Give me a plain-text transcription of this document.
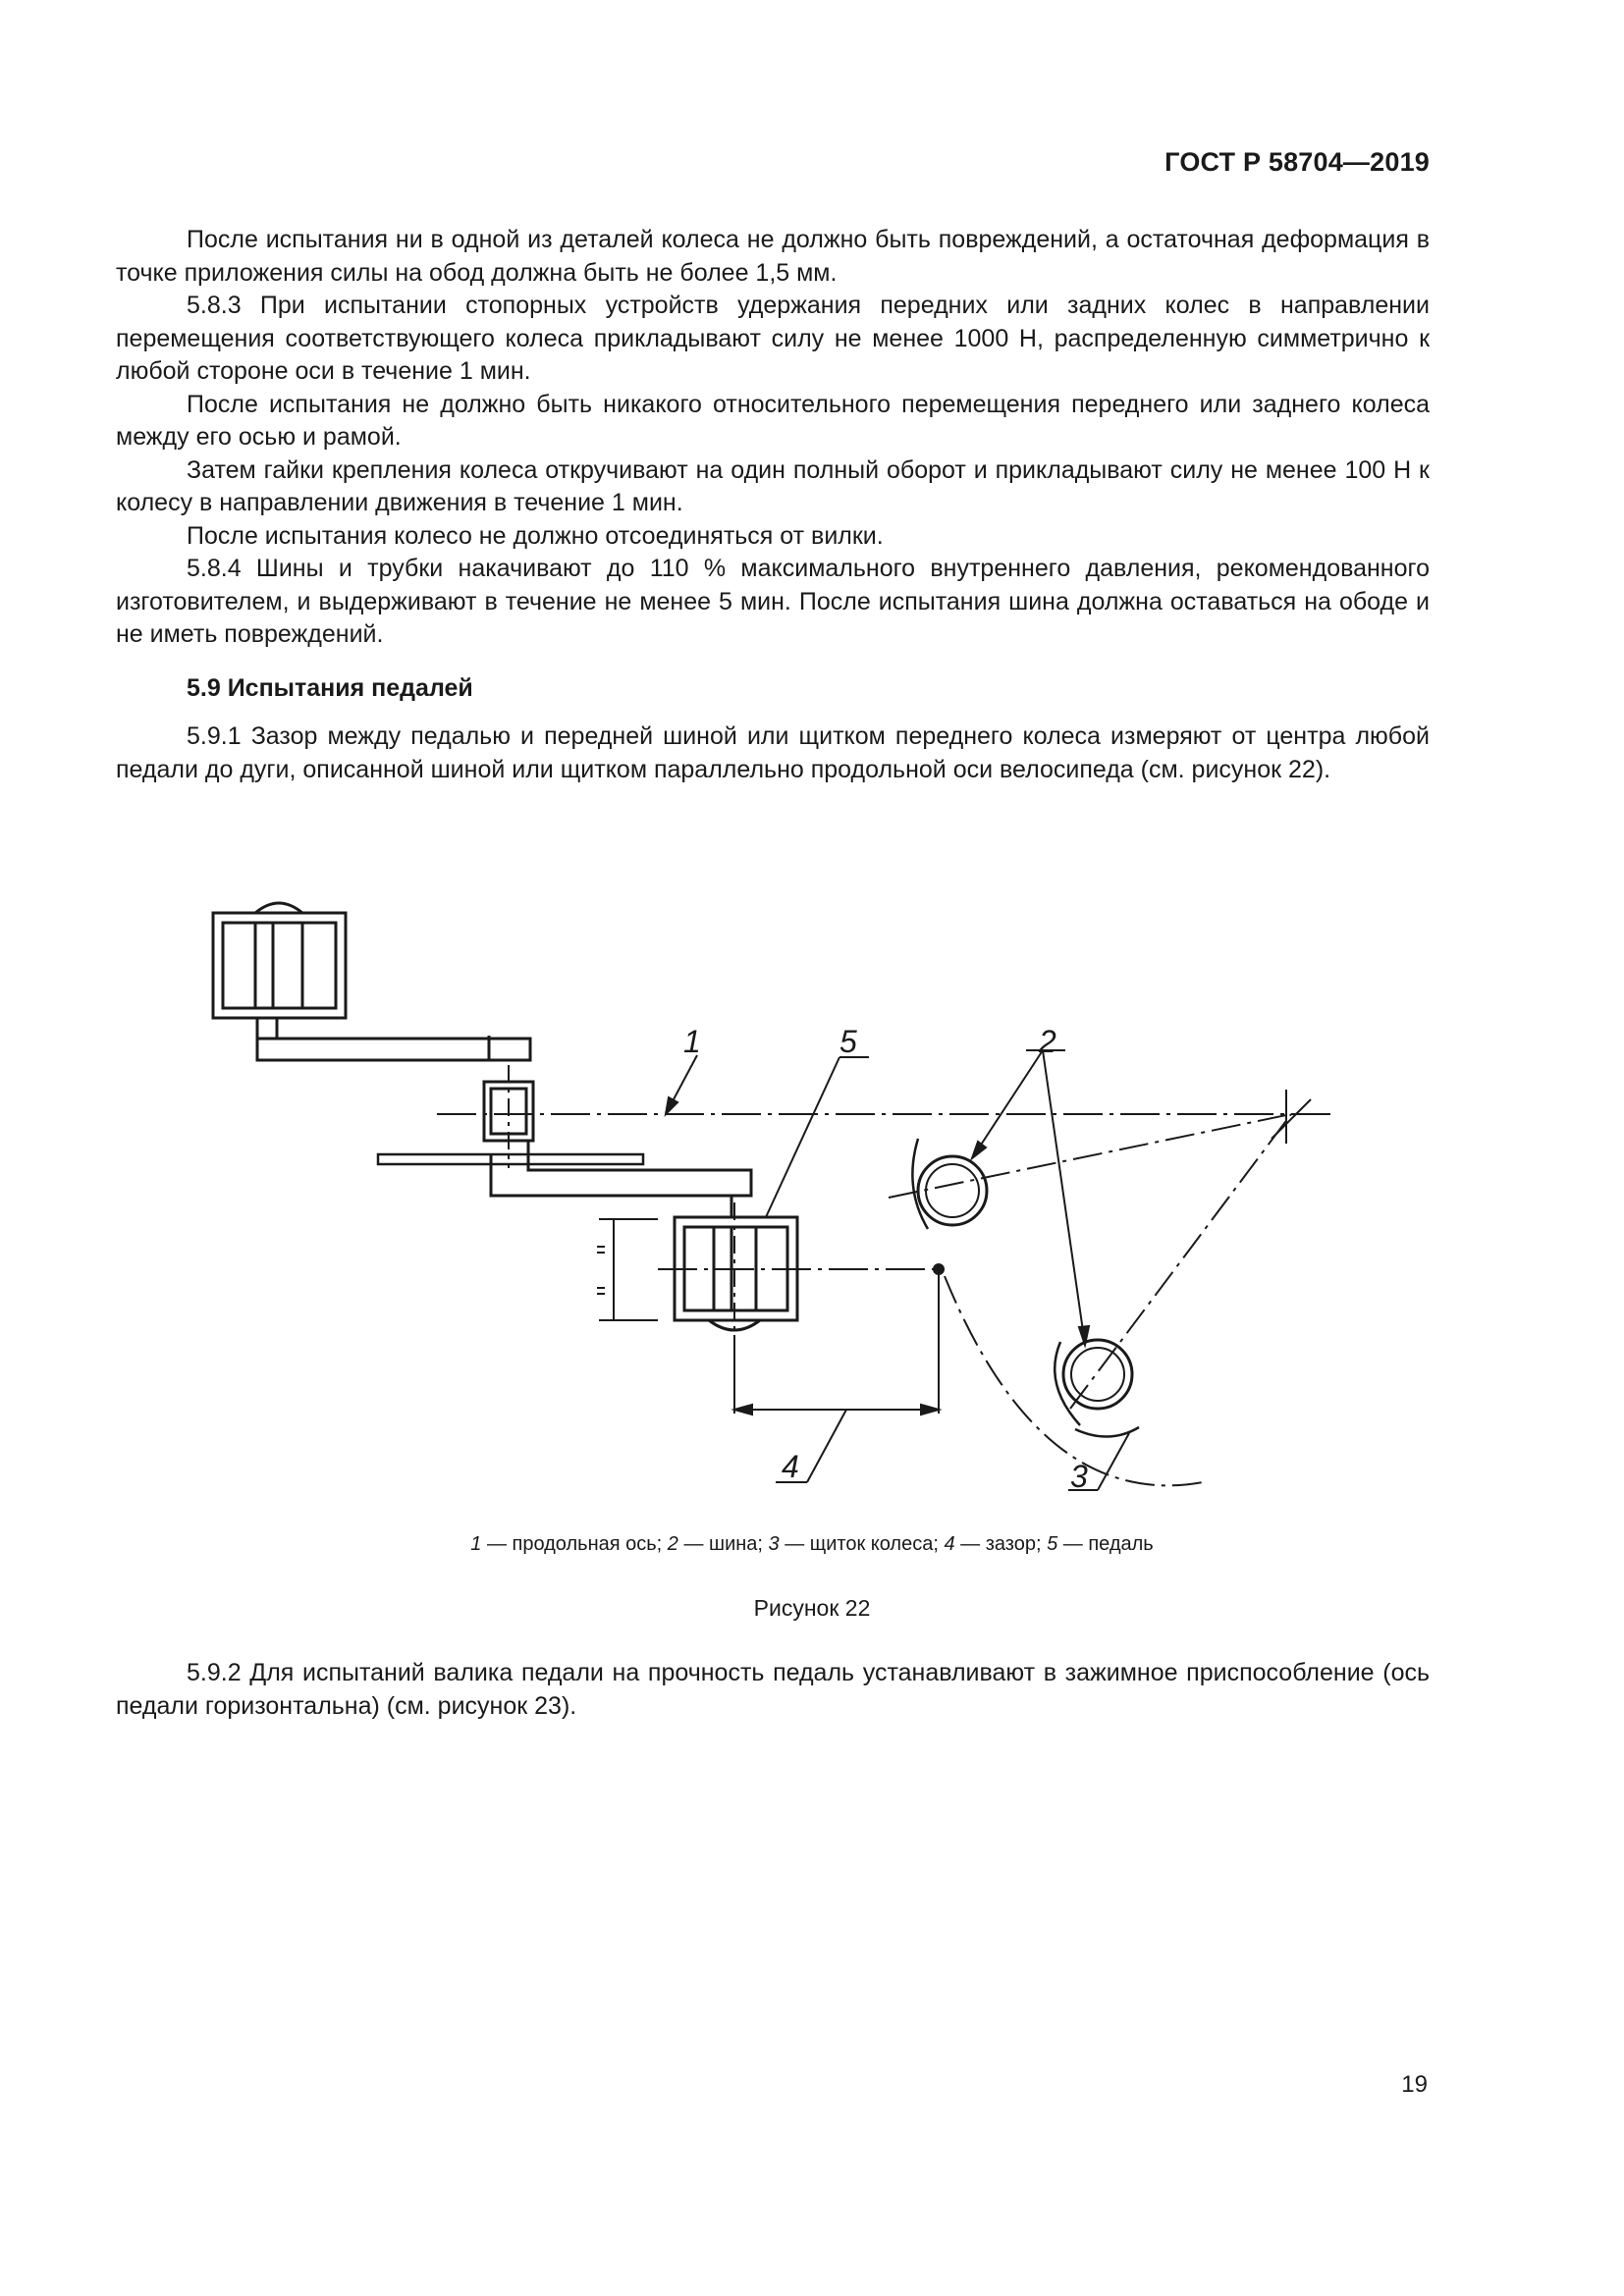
ГОСТ Р 58704—2019

После испытания ни в одной из деталей колеса не должно быть повреждений, а остаточная деформация в точке приложения силы на обод должна быть не более 1,5 мм.

5.8.3 При испытании стопорных устройств удержания передних или задних колес в направлении перемещения соответствующего колеса прикладывают силу не менее 1000 Н, распределенную симметрично к любой стороне оси в течение 1 мин.

После испытания не должно быть никакого относительного перемещения переднего или заднего колеса между его осью и рамой.

Затем гайки крепления колеса откручивают на один полный оборот и прикладывают силу не менее 100 Н к колесу в направлении движения в течение 1 мин.

После испытания колесо не должно отсоединяться от вилки.

5.8.4 Шины и трубки накачивают до 110 % максимального внутреннего давления, рекомендованного изготовителем, и выдерживают в течение не менее 5 мин. После испытания шина должна оставаться на ободе и не иметь повреждений.

5.9 Испытания педалей

5.9.1 Зазор между педалью и передней шиной или щитком переднего колеса измеряют от центра любой педали до дуги, описанной шиной или щитком параллельно продольной оси велосипеда (см. рисунок 22).

1	5	2
4	3
1 — продольная ось; 2 — шина; 3 — щиток колеса; 4 — зазор; 5 — педаль
Рисунок 22

5.9.2 Для испытаний валика педали на прочность педаль устанавливают в зажимное приспособление (ось педали горизонтальна) (см. рисунок 23).

19
